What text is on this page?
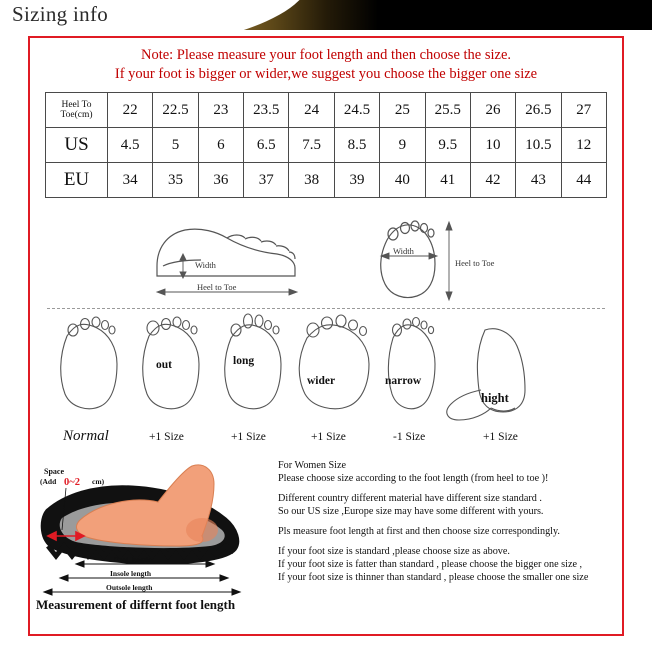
Sizing info
Note: Please measure your foot length and then choose the size.
If your foot is bigger or wider,we suggest you choose the bigger one size
Heel To Toe(cm)	22	22.5	23	23.5	24	24.5	25	25.5	26	26.5	27
US	4.5	5	6	6.5	7.5	8.5	9	9.5	10	10.5	12
EU	34	35	36	37	38	39	40	41	42	43	44
Width
Heel to Toe
Width
Heel to Toe
out	long
wider	narrow
hight
Normal	+1 Size	+1 Size	+1 Size	-1 Size	+1 Size
Foot length
Insole length
Outsole length
Space
(Add 0~2 cm)

For Women Size

Please choose size according to the foot length (from heel to toe )!

Different country different material have different size standard .

So our US size ,Europe size may have some different with yours.

Pls measure foot length at first and then choose size correspondingly.

If your foot size is standard ,please choose size as above.

If your foot size is fatter than standard , please choose the bigger one size ,

If your foot size is thinner than standard , please choose the smaller one size

Measurement of differnt foot length
